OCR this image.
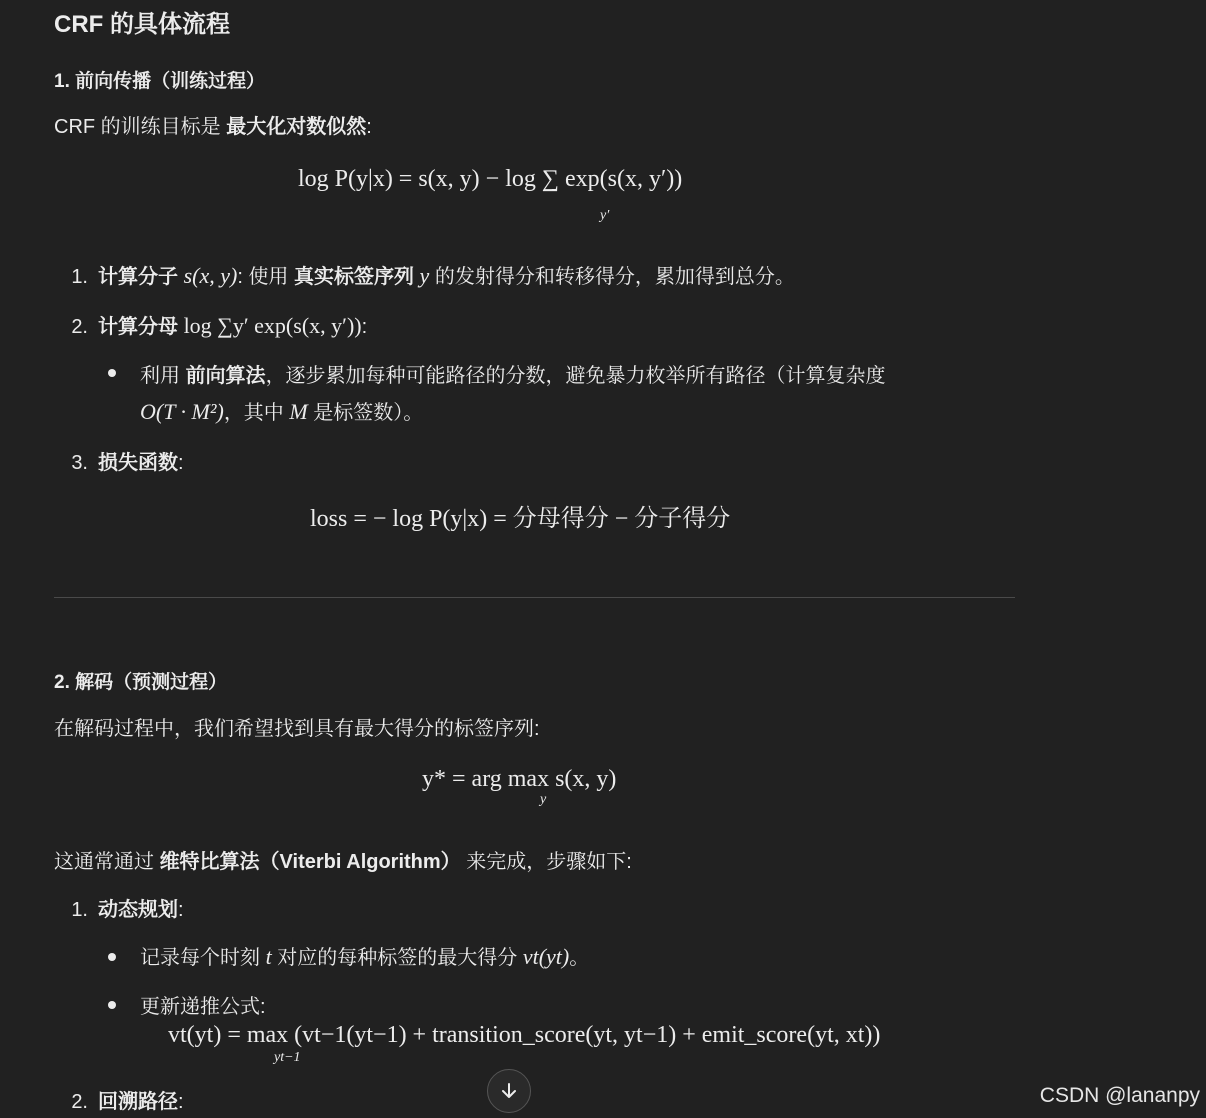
CRF 的具体流程
1. 前向传播（训练过程）
CRF 的训练目标是 最大化对数似然:
log P(y|x) = s(x, y) − log ∑ exp(s(x, y′))
y′
1. 计算分子 s(x, y): 使用 真实标签序列 y 的发射得分和转移得分，累加得到总分。
2. 计算分母 log ∑y′ exp(s(x, y′)):
利用 前向算法，逐步累加每种可能路径的分数，避免暴力枚举所有路径（计算复杂度
O(T · M²)，其中 M 是标签数）。
3. 损失函数:
loss = − log P(y|x) = 分母得分 − 分子得分
2. 解码（预测过程）
在解码过程中，我们希望找到具有最大得分的标签序列:
y* = arg max s(x, y)
y
这通常通过 维特比算法（Viterbi Algorithm） 来完成，步骤如下:
1. 动态规划:
记录每个时刻 t 对应的每种标签的最大得分 vt(yt)。
更新递推公式:
vt(yt) = max (vt−1(yt−1) + transition_score(yt, yt−1) + emit_score(yt, xt))
yt−1
2. 回溯路径:	CSDN @lananpy
